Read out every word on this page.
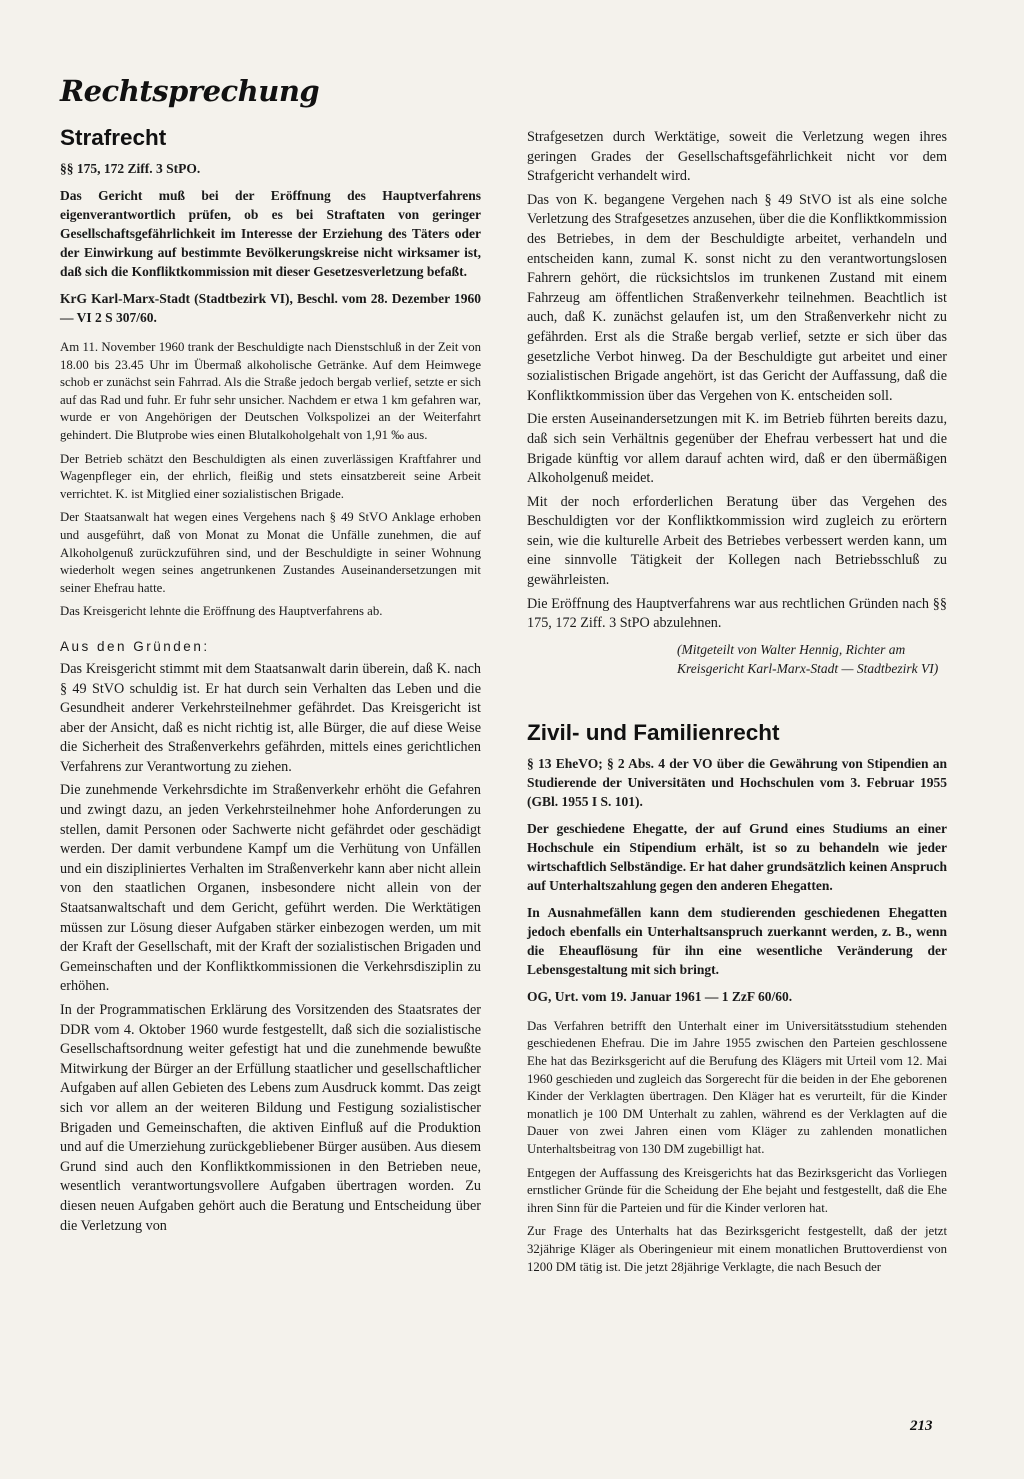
Rechtsprechung
Strafrecht

§§ 175, 172 Ziff. 3 StPO.

Das Gericht muß bei der Eröffnung des Hauptverfahrens eigenverantwortlich prüfen, ob es bei Straftaten von geringer Gesellschaftsgefährlichkeit im Interesse der Erziehung des Täters oder der Einwirkung auf bestimmte Bevölkerungskreise nicht wirksamer ist, daß sich die Konfliktkommission mit dieser Gesetzesverletzung befaßt.

KrG Karl-Marx-Stadt (Stadtbezirk VI), Beschl. vom 28. Dezember 1960 — VI 2 S 307/60.

Am 11. November 1960 trank der Beschuldigte nach Dienstschluß in der Zeit von 18.00 bis 23.45 Uhr im Übermaß alkoholische Getränke. Auf dem Heimwege schob er zunächst sein Fahrrad. Als die Straße jedoch bergab verlief, setzte er sich auf das Rad und fuhr. Er fuhr sehr unsicher. Nachdem er etwa 1 km gefahren war, wurde er von Angehörigen der Deutschen Volkspolizei an der Weiterfahrt gehindert. Die Blutprobe wies einen Blutalkoholgehalt von 1,91 ‰ aus.

Der Betrieb schätzt den Beschuldigten als einen zuverlässigen Kraftfahrer und Wagenpfleger ein, der ehrlich, fleißig und stets einsatzbereit seine Arbeit verrichtet. K. ist Mitglied einer sozialistischen Brigade.

Der Staatsanwalt hat wegen eines Vergehens nach § 49 StVO Anklage erhoben und ausgeführt, daß von Monat zu Monat die Unfälle zunehmen, die auf Alkoholgenuß zurückzuführen sind, und der Beschuldigte in seiner Wohnung wiederholt wegen seines angetrunkenen Zustandes Auseinandersetzungen mit seiner Ehefrau hatte.

Das Kreisgericht lehnte die Eröffnung des Hauptverfahrens ab.

Aus den Gründen:

Das Kreisgericht stimmt mit dem Staatsanwalt darin überein, daß K. nach § 49 StVO schuldig ist. Er hat durch sein Verhalten das Leben und die Gesundheit anderer Verkehrsteilnehmer gefährdet. Das Kreisgericht ist aber der Ansicht, daß es nicht richtig ist, alle Bürger, die auf diese Weise die Sicherheit des Straßenverkehrs gefährden, mittels eines gerichtlichen Verfahrens zur Verantwortung zu ziehen.

Die zunehmende Verkehrsdichte im Straßenverkehr erhöht die Gefahren und zwingt dazu, an jeden Verkehrsteilnehmer hohe Anforderungen zu stellen, damit Personen oder Sachwerte nicht gefährdet oder geschädigt werden. Der damit verbundene Kampf um die Verhütung von Unfällen und ein diszipliniertes Verhalten im Straßenverkehr kann aber nicht allein von den staatlichen Organen, insbesondere nicht allein von der Staatsanwaltschaft und dem Gericht, geführt werden. Die Werktätigen müssen zur Lösung dieser Aufgaben stärker einbezogen werden, um mit der Kraft der Gesellschaft, mit der Kraft der sozialistischen Brigaden und Gemeinschaften und der Konfliktkommissionen die Verkehrsdisziplin zu erhöhen.

In der Programmatischen Erklärung des Vorsitzenden des Staatsrates der DDR vom 4. Oktober 1960 wurde festgestellt, daß sich die sozialistische Gesellschaftsordnung weiter gefestigt hat und die zunehmende bewußte Mitwirkung der Bürger an der Erfüllung staatlicher und gesellschaftlicher Aufgaben auf allen Gebieten des Lebens zum Ausdruck kommt. Das zeigt sich vor allem an der weiteren Bildung und Festigung sozialistischer Brigaden und Gemeinschaften, die aktiven Einfluß auf die Produktion und auf die Umerziehung zurückgebliebener Bürger ausüben. Aus diesem Grund sind auch den Konfliktkommissionen in den Betrieben neue, wesentlich verantwortungsvollere Aufgaben übertragen worden. Zu diesen neuen Aufgaben gehört auch die Beratung und Entscheidung über die Verletzung von

Strafgesetzen durch Werktätige, soweit die Verletzung wegen ihres geringen Grades der Gesellschaftsgefährlichkeit nicht vor dem Strafgericht verhandelt wird.

Das von K. begangene Vergehen nach § 49 StVO ist als eine solche Verletzung des Strafgesetzes anzusehen, über die die Konfliktkommission des Betriebes, in dem der Beschuldigte arbeitet, verhandeln und entscheiden kann, zumal K. sonst nicht zu den verantwortungslosen Fahrern gehört, die rücksichtslos im trunkenen Zustand mit einem Fahrzeug am öffentlichen Straßenverkehr teilnehmen. Beachtlich ist auch, daß K. zunächst gelaufen ist, um den Straßenverkehr nicht zu gefährden. Erst als die Straße bergab verlief, setzte er sich über das gesetzliche Verbot hinweg. Da der Beschuldigte gut arbeitet und einer sozialistischen Brigade angehört, ist das Gericht der Auffassung, daß die Konfliktkommission über das Vergehen von K. entscheiden soll.

Die ersten Auseinandersetzungen mit K. im Betrieb führten bereits dazu, daß sich sein Verhältnis gegenüber der Ehefrau verbessert hat und die Brigade künftig vor allem darauf achten wird, daß er den übermäßigen Alkoholgenuß meidet.

Mit der noch erforderlichen Beratung über das Vergehen des Beschuldigten vor der Konfliktkommission wird zugleich zu erörtern sein, wie die kulturelle Arbeit des Betriebes verbessert werden kann, um eine sinnvolle Tätigkeit der Kollegen nach Betriebsschluß zu gewährleisten.

Die Eröffnung des Hauptverfahrens war aus rechtlichen Gründen nach §§ 175, 172 Ziff. 3 StPO abzulehnen.

(Mitgeteilt von Walter Hennig, Richter am Kreisgericht Karl-Marx-Stadt — Stadtbezirk VI)

Zivil- und Familienrecht

§ 13 EheVO; § 2 Abs. 4 der VO über die Gewährung von Stipendien an Studierende der Universitäten und Hochschulen vom 3. Februar 1955 (GBl. 1955 I S. 101).

Der geschiedene Ehegatte, der auf Grund eines Studiums an einer Hochschule ein Stipendium erhält, ist so zu behandeln wie jeder wirtschaftlich Selbständige. Er hat daher grundsätzlich keinen Anspruch auf Unterhaltszahlung gegen den anderen Ehegatten.

In Ausnahmefällen kann dem studierenden geschiedenen Ehegatten jedoch ebenfalls ein Unterhaltsanspruch zuerkannt werden, z. B., wenn die Eheauflösung für ihn eine wesentliche Veränderung der Lebensgestaltung mit sich bringt.

OG, Urt. vom 19. Januar 1961 — 1 ZzF 60/60.

Das Verfahren betrifft den Unterhalt einer im Universitätsstudium stehenden geschiedenen Ehefrau. Die im Jahre 1955 zwischen den Parteien geschlossene Ehe hat das Bezirksgericht auf die Berufung des Klägers mit Urteil vom 12. Mai 1960 geschieden und zugleich das Sorgerecht für die beiden in der Ehe geborenen Kinder der Verklagten übertragen. Den Kläger hat es verurteilt, für die Kinder monatlich je 100 DM Unterhalt zu zahlen, während es der Verklagten auf die Dauer von zwei Jahren einen vom Kläger zu zahlenden monatlichen Unterhaltsbeitrag von 130 DM zugebilligt hat.

Entgegen der Auffassung des Kreisgerichts hat das Bezirksgericht das Vorliegen ernstlicher Gründe für die Scheidung der Ehe bejaht und festgestellt, daß die Ehe ihren Sinn für die Parteien und für die Kinder verloren hat.

Zur Frage des Unterhalts hat das Bezirksgericht festgestellt, daß der jetzt 32jährige Kläger als Oberingenieur mit einem monatlichen Bruttoverdienst von 1200 DM tätig ist. Die jetzt 28jährige Verklagte, die nach Besuch der

213
